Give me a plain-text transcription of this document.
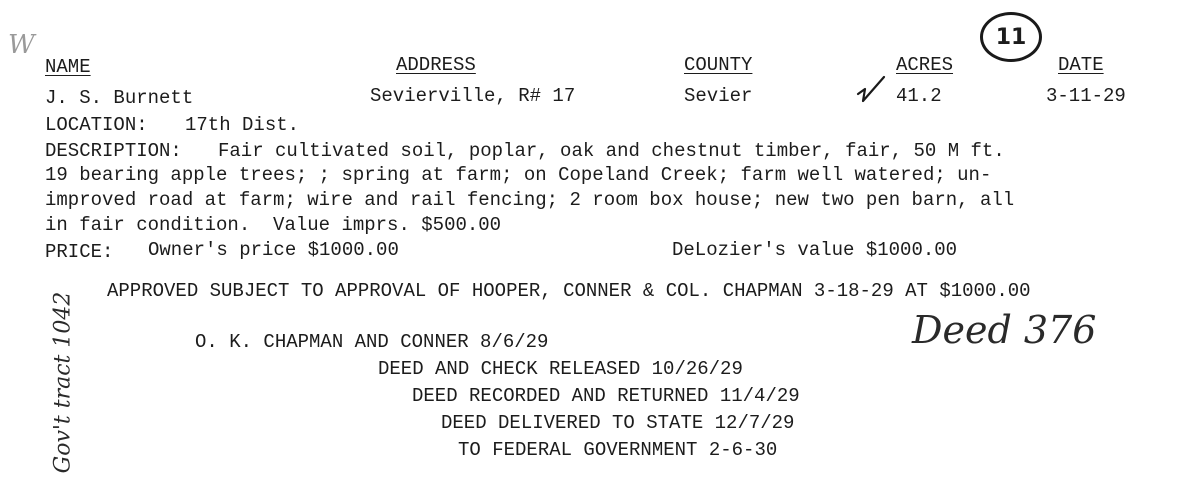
W
Gov't tract 1042
11
NAME	ADDRESS	COUNTY	ACRES	DATE
J. S. Burnett	Sevierville, R# 17	Sevier	41.2	3-11-29
LOCATION: 17th Dist.
DESCRIPTION: Fair cultivated soil, poplar, oak and chestnut timber, fair, 50 M ft.
19 bearing apple trees; ; spring at farm; on Copeland Creek; farm well watered; un-
improved road at farm; wire and rail fencing; 2 room box house; new two pen barn, all
in fair condition.  Value imprs. $500.00
PRICE: Owner's price $1000.00	DeLozier's value $1000.00
APPROVED SUBJECT TO APPROVAL OF HOOPER, CONNER & COL. CHAPMAN 3-18-29 AT $1000.00
Deed 376
O. K. CHAPMAN AND CONNER 8/6/29
DEED AND CHECK RELEASED 10/26/29
DEED RECORDED AND RETURNED 11/4/29
DEED DELIVERED TO STATE 12/7/29
TO FEDERAL GOVERNMENT 2-6-30
